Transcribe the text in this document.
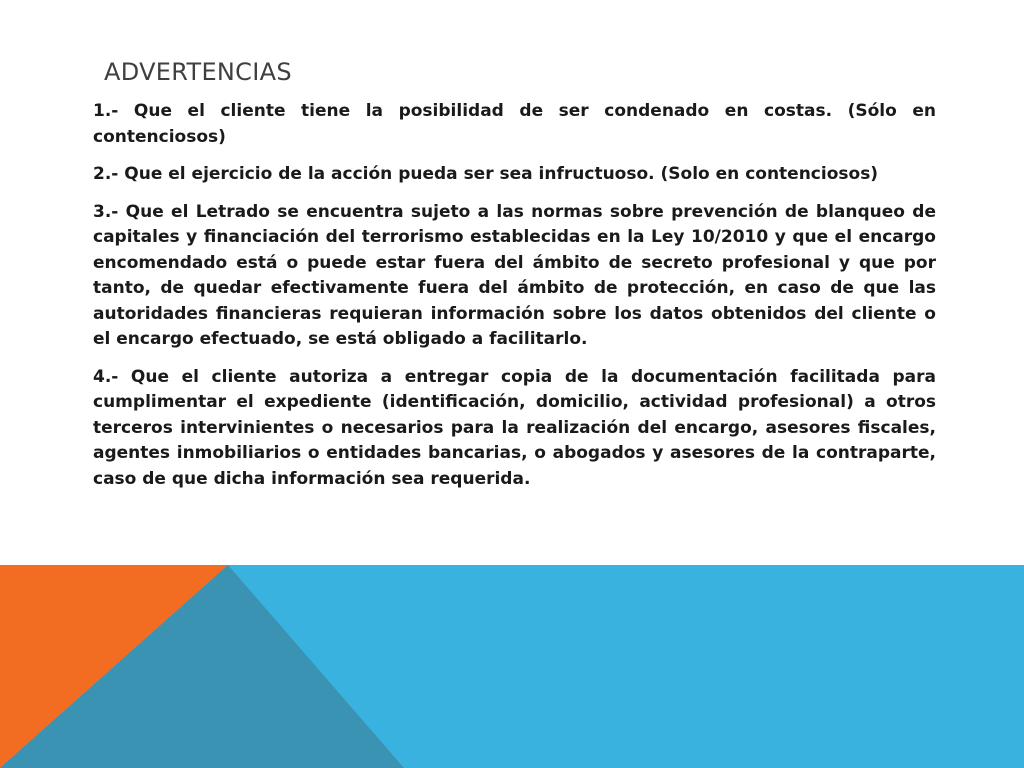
ADVERTENCIAS

1.- Que el cliente tiene la posibilidad de ser condenado en costas. (Sólo en contenciosos)

2.- Que el ejercicio de la acción pueda ser sea infructuoso. (Solo en contenciosos)

3.- Que el Letrado se encuentra sujeto a las normas sobre prevención de blanqueo de capitales y financiación del terrorismo establecidas en la Ley 10/2010 y que el encargo encomendado está o puede estar fuera del ámbito de secreto profesional y que por tanto, de quedar efectivamente fuera del ámbito de protección, en caso de que las autoridades financieras requieran información sobre los datos obtenidos del cliente o el encargo efectuado, se está obligado a facilitarlo.

4.- Que el cliente autoriza a entregar copia de la documentación facilitada para cumplimentar el expediente (identificación, domicilio, actividad profesional) a otros terceros intervinientes o necesarios para la realización del encargo, asesores fiscales, agentes inmobiliarios o entidades bancarias, o abogados y asesores de la contraparte, caso de que dicha información sea requerida.
